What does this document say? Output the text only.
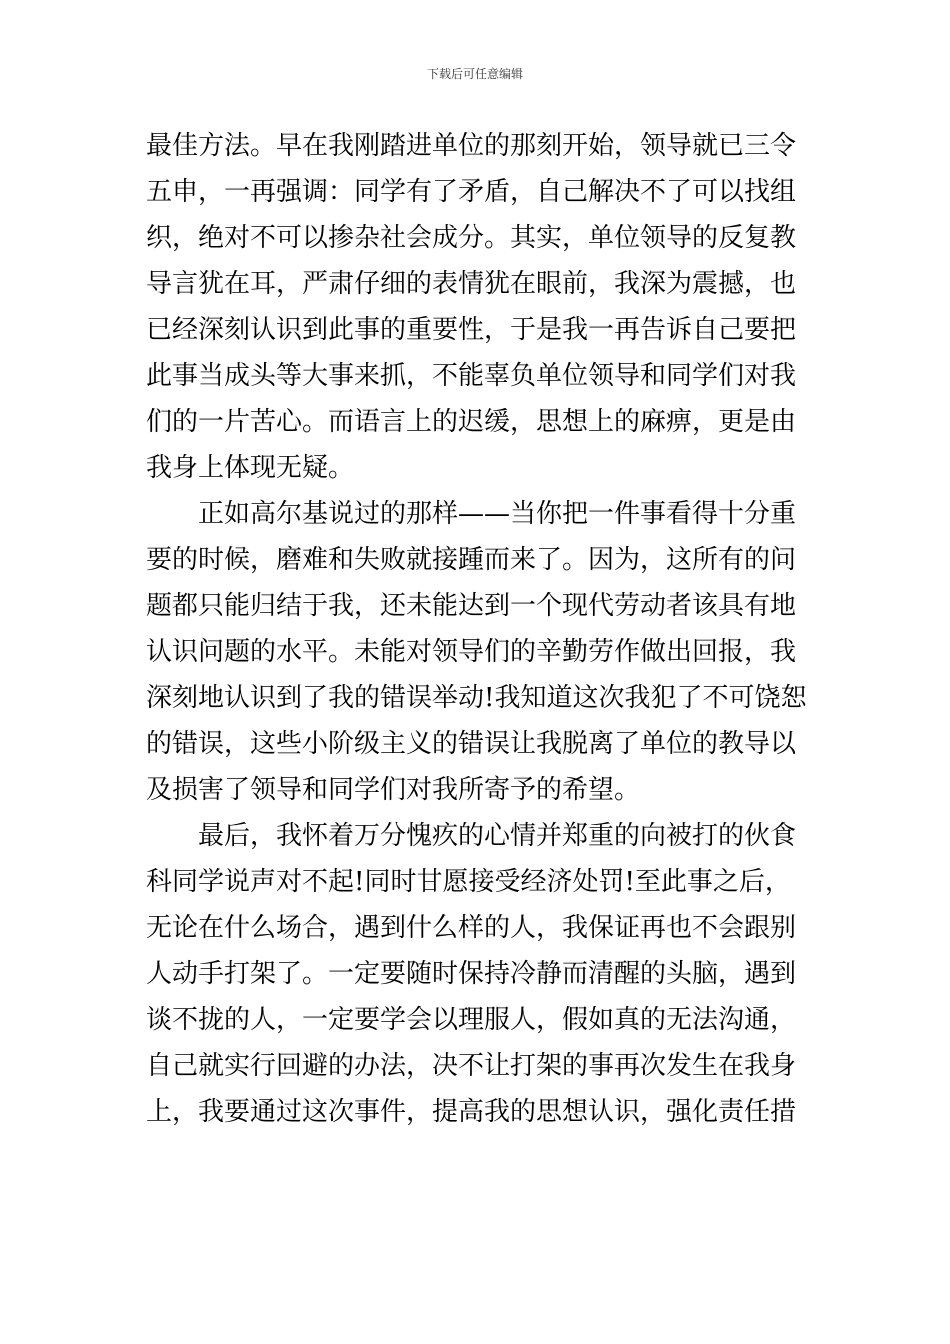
下载后可任意编辑
最佳方法。早在我刚踏进单位的那刻开始，领导就已三令
五申，一再强调：同学有了矛盾，自己解决不了可以找组
织，绝对不可以掺杂社会成分。其实，单位领导的反复教
导言犹在耳，严肃仔细的表情犹在眼前，我深为震撼，也
已经深刻认识到此事的重要性，于是我一再告诉自己要把
此事当成头等大事来抓，不能辜负单位领导和同学们对我
们的一片苦心。而语言上的迟缓，思想上的麻痹，更是由
我身上体现无疑。
　　正如高尔基说过的那样——当你把一件事看得十分重
要的时候，磨难和失败就接踵而来了。因为，这所有的问
题都只能归结于我，还未能达到一个现代劳动者该具有地
认识问题的水平。未能对领导们的辛勤劳作做出回报，我
深刻地认识到了我的错误举动!我知道这次我犯了不可饶恕
的错误，这些小阶级主义的错误让我脱离了单位的教导以
及损害了领导和同学们对我所寄予的希望。
　　最后，我怀着万分愧疚的心情并郑重的向被打的伙食
科同学说声对不起!同时甘愿接受经济处罚!至此事之后，
无论在什么场合，遇到什么样的人，我保证再也不会跟别
人动手打架了。一定要随时保持冷静而清醒的头脑，遇到
谈不拢的人，一定要学会以理服人，假如真的无法沟通，
自己就实行回避的办法，决不让打架的事再次发生在我身
上，我要通过这次事件，提高我的思想认识，强化责任措
